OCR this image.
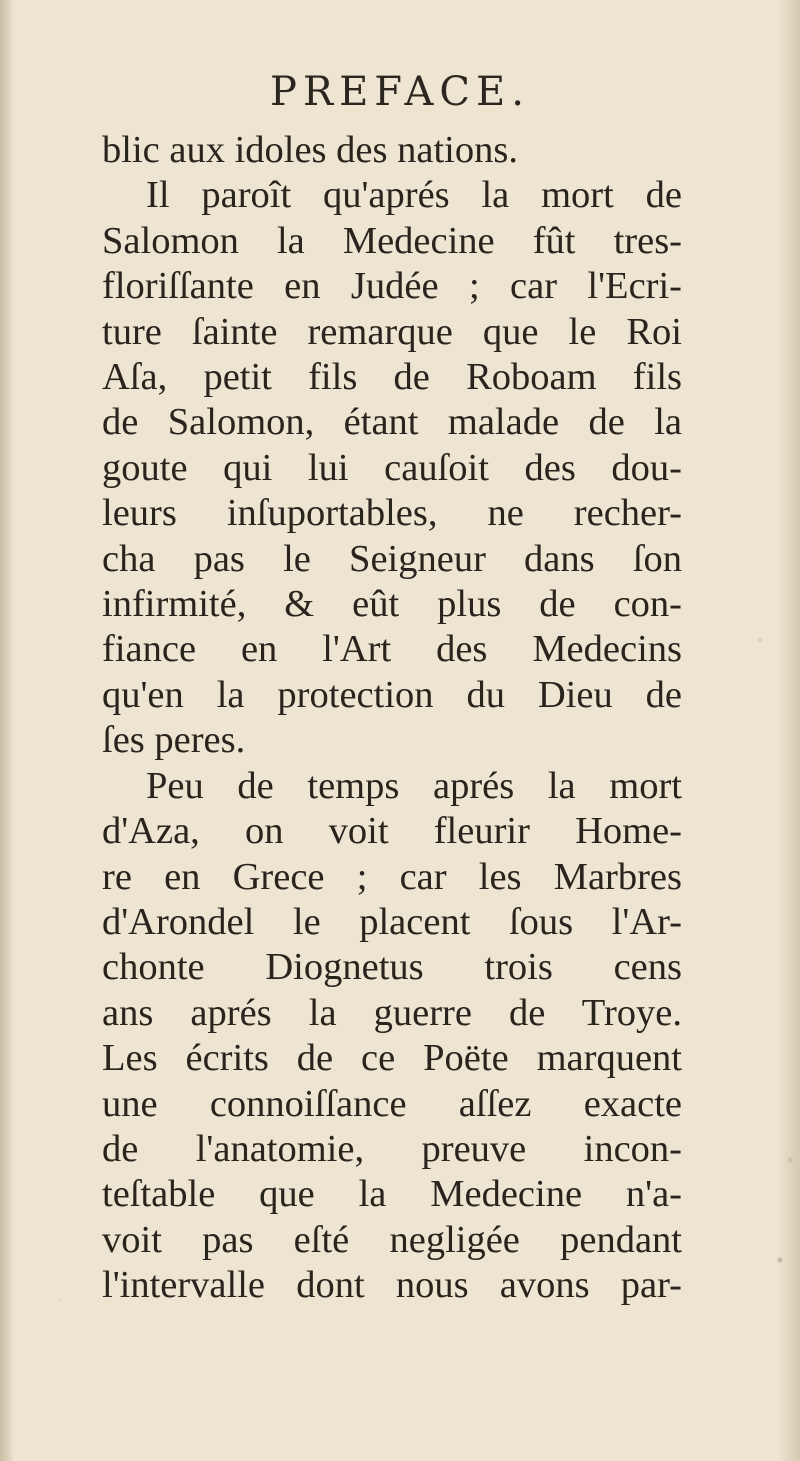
PREFACE.
blic aux idoles des nations.
Il paroît qu'aprés la mort de
Salomon la Medecine fût tres-
floriſſante en Judée ; car l'Ecri-
ture ſainte remarque que le Roi
Aſa, petit fils de Roboam fils
de Salomon, étant malade de la
goute qui lui cauſoit des dou-
leurs inſuportables, ne recher-
cha pas le Seigneur dans ſon
infirmité, & eût plus de con-
fiance en l'Art des Medecins
qu'en la protection du Dieu de
ſes peres.
Peu de temps aprés la mort
d'Aza, on voit fleurir Home-
re en Grece ; car les Marbres
d'Arondel le placent ſous l'Ar-
chonte Diognetus trois cens
ans aprés la guerre de Troye.
Les écrits de ce Poëte marquent
une connoiſſance aſſez exacte
de l'anatomie, preuve incon-
teſtable que la Medecine n'a-
voit pas eſté negligée pendant
l'intervalle dont nous avons par-
